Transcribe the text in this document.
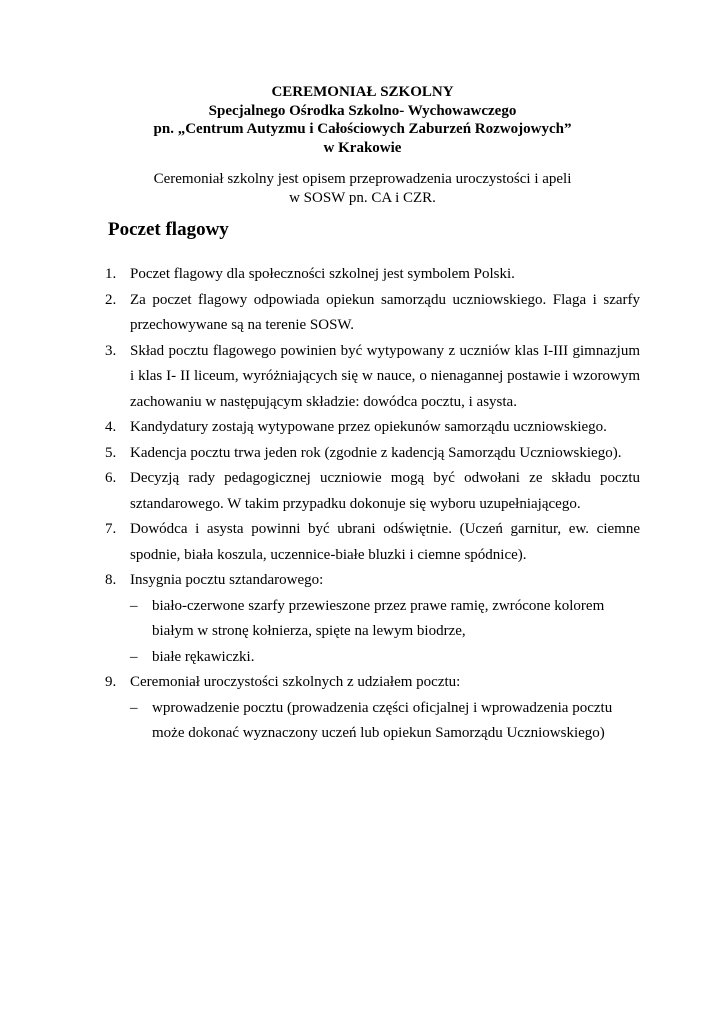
CEREMONIAŁ SZKOLNY
Specjalnego Ośrodka Szkolno- Wychowawczego
pn. „Centrum Autyzmu i Całościowych Zaburzeń Rozwojowych”
w Krakowie
Ceremoniał szkolny jest opisem przeprowadzenia uroczystości i apeli
w SOSW pn. CA i CZR.
Poczet flagowy
1. Poczet flagowy dla społeczności szkolnej jest symbolem Polski.
2. Za poczet flagowy odpowiada opiekun samorządu uczniowskiego. Flaga i szarfy przechowywane są na terenie SOSW.
3. Skład pocztu flagowego powinien być wytypowany z uczniów klas I-III gimnazjum i klas I- II liceum, wyróżniających się w nauce, o nienagannej postawie i wzorowym zachowaniu w następującym składzie: dowódca pocztu, i asysta.
4. Kandydatury zostają wytypowane przez opiekunów samorządu uczniowskiego.
5. Kadencja pocztu trwa jeden rok (zgodnie z kadencją Samorządu Uczniowskiego).
6. Decyzją rady pedagogicznej uczniowie mogą być odwołani ze składu pocztu sztandarowego. W takim przypadku dokonuje się wyboru uzupełniającego.
7. Dowódca i asysta powinni być ubrani odświętnie. (Uczeń garnitur, ew. ciemne spodnie, biała koszula, uczennice-białe bluzki i ciemne spódnice).
8. Insygnia pocztu sztandarowego:
– biało-czerwone szarfy przewieszone przez prawe ramię, zwrócone kolorem białym w stronę kołnierza, spięte na lewym biodrze,
– białe rękawiczki.
9. Ceremoniał uroczystości szkolnych z udziałem pocztu:
– wprowadzenie pocztu (prowadzenia części oficjalnej i wprowadzenia pocztu może dokonać wyznaczony uczeń lub opiekun Samorządu Uczniowskiego)
